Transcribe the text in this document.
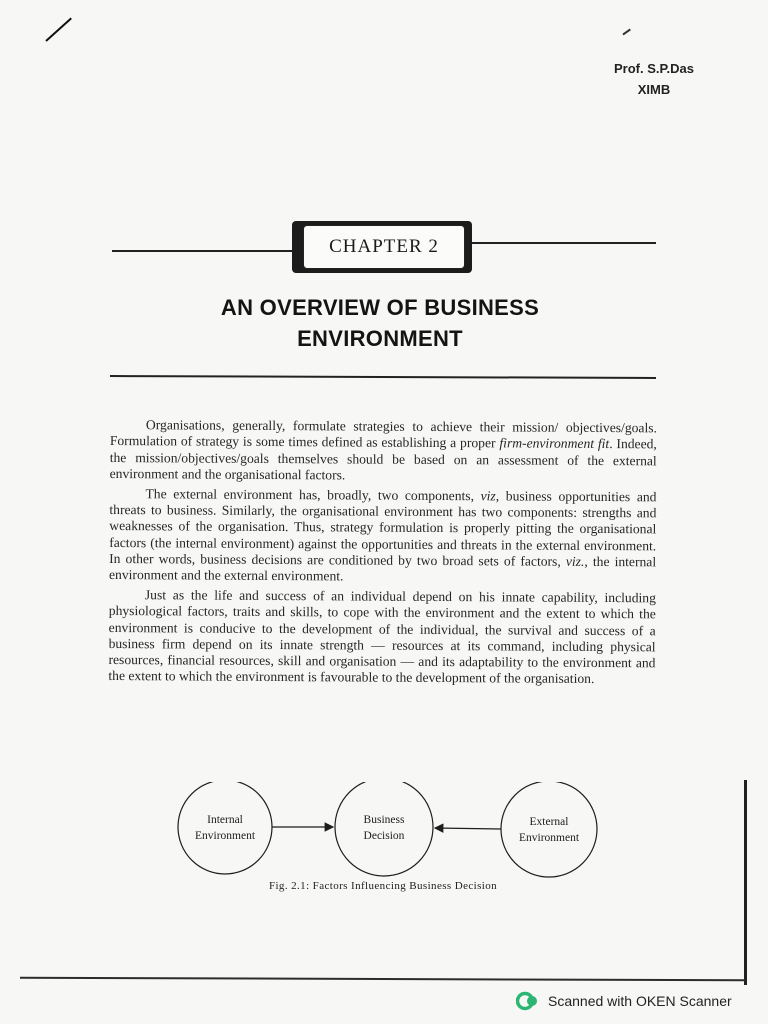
Prof. S.P.Das
XIMB
CHAPTER 2
AN OVERVIEW OF BUSINESS
ENVIRONMENT

Organisations, generally, formulate strategies to achieve their mission/ objectives/goals. Formulation of strategy is some times defined as establishing a proper firm-environment fit. Indeed, the mission/objectives/goals themselves should be based on an assessment of the external environment and the organisational factors.

The external environment has, broadly, two components, viz, business opportunities and threats to business. Similarly, the organisational environment has two components: strengths and weaknesses of the organisation. Thus, strategy formulation is properly pitting the organisational factors (the internal environment) against the opportunities and threats in the external environment. In other words, business decisions are conditioned by two broad sets of factors, viz., the internal environment and the external environment.

Just as the life and success of an individual depend on his innate capability, including physiological factors, traits and skills, to cope with the environment and the extent to which the environment is conducive to the development of the individual, the survival and success of a business firm depend on its innate strength — resources at its command, including physical resources, financial resources, skill and organisation — and its adaptability to the environment and the extent to which the environment is favourable to the development of the organisation.

Internal
Environment
Business
Decision
External
Environment
Fig. 2.1: Factors Influencing Business Decision
Scanned with OKEN Scanner
